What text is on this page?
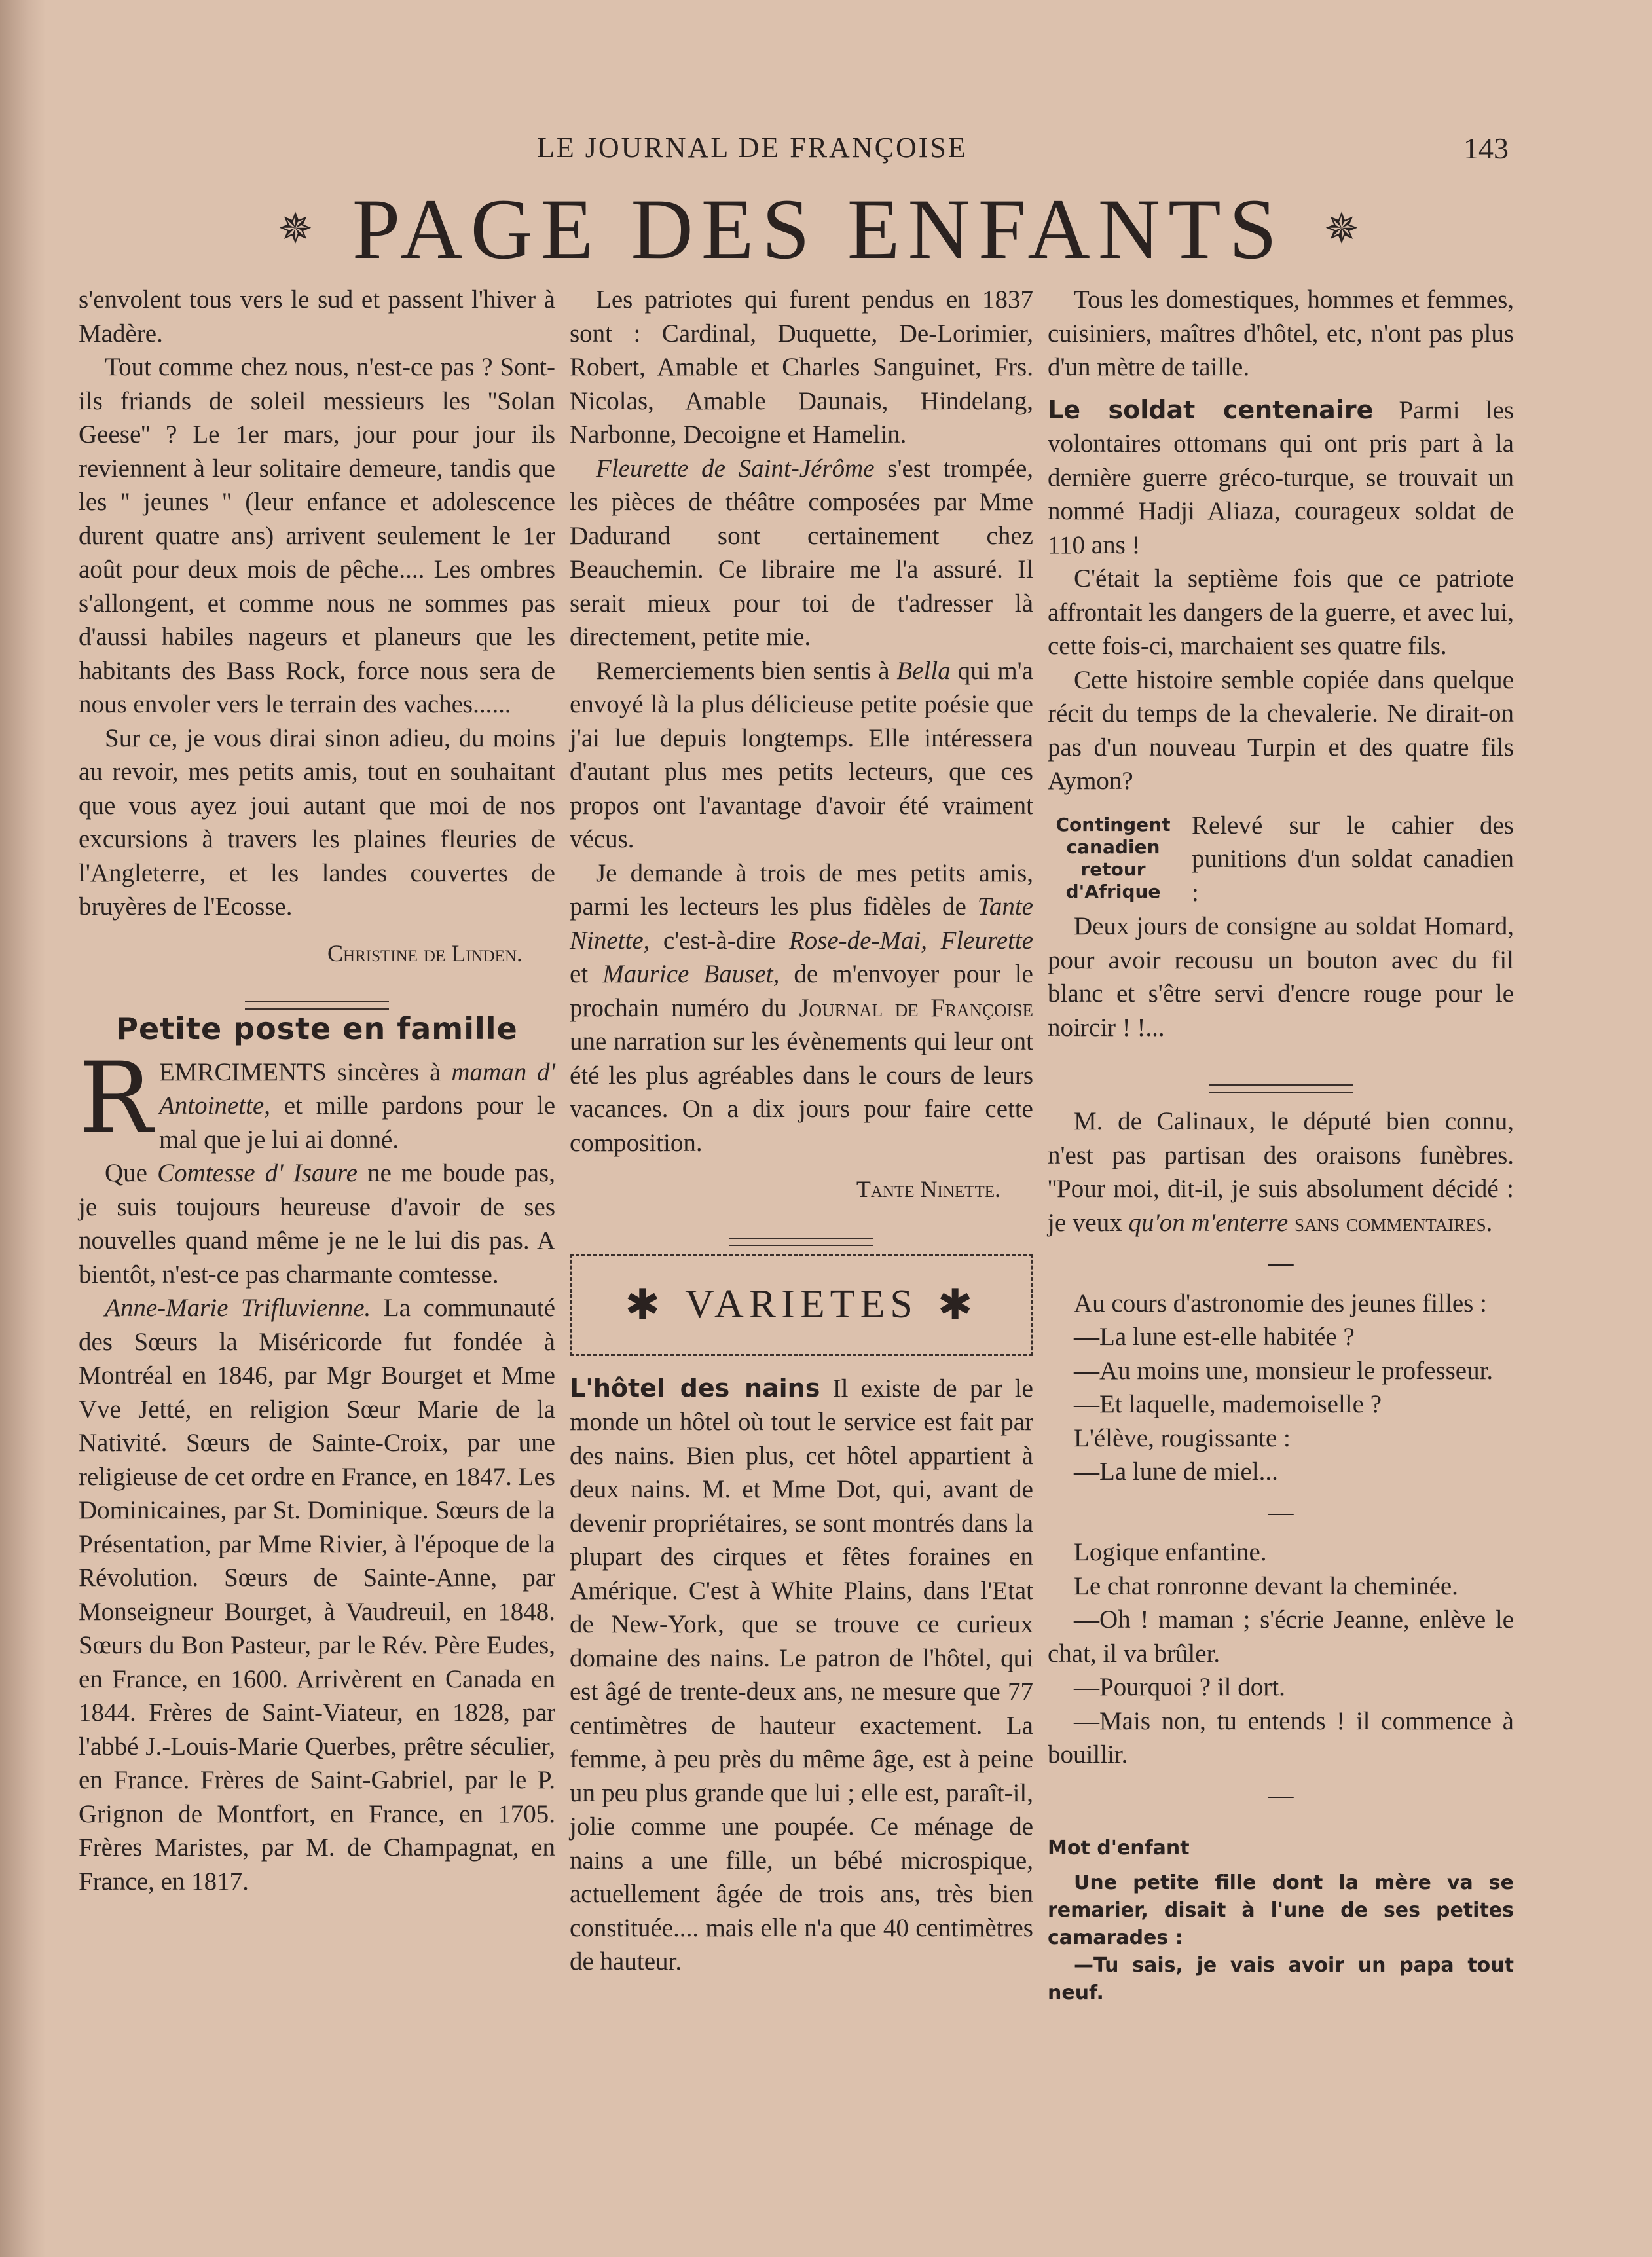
LE JOURNAL DE FRANÇOISE	143
✵ PAGE DES ENFANTS ✵

s'envolent tous vers le sud et passent l'hiver à Madère.

Tout comme chez nous, n'est-ce pas ? Sont-ils friands de soleil messieurs les ''Solan Geese'' ? Le 1er mars, jour pour jour ils reviennent à leur solitaire demeure, tandis que les '' jeunes '' (leur enfance et adolescence durent quatre ans) arrivent seulement le 1er août pour deux mois de pêche.... Les ombres s'allongent, et comme nous ne sommes pas d'aussi habiles nageurs et planeurs que les habitants des Bass Rock, force nous sera de nous envoler vers le terrain des vaches......

Sur ce, je vous dirai sinon adieu, du moins au revoir, mes petits amis, tout en souhaitant que vous ayez joui autant que moi de nos excursions à travers les plaines fleuries de l'Angleterre, et les landes couvertes de bruyères de l'Ecosse.

Christine de Linden.
Petite poste en famille

REMRCIMENTS sincères à maman d' Antoinette, et mille pardons pour le mal que je lui ai donné.

Que Comtesse d' Isaure ne me boude pas, je suis toujours heureuse d'avoir de ses nouvelles quand même je ne le lui dis pas. A bientôt, n'est-ce pas charmante comtesse.

Anne-Marie Trifluvienne. La communauté des Sœurs la Miséricorde fut fondée à Montréal en 1846, par Mgr Bourget et Mme Vve Jetté, en religion Sœur Marie de la Nativité. Sœurs de Sainte-Croix, par une religieuse de cet ordre en France, en 1847. Les Dominicaines, par St. Dominique. Sœurs de la Présentation, par Mme Rivier, à l'époque de la Révolution. Sœurs de Sainte-Anne, par Monseigneur Bourget, à Vaudreuil, en 1848. Sœurs du Bon Pasteur, par le Rév. Père Eudes, en France, en 1600. Arrivèrent en Canada en 1844. Frères de Saint-Viateur, en 1828, par l'abbé J.-Louis-Marie Querbes, prêtre séculier, en France. Frères de Saint-Gabriel, par le P. Grignon de Montfort, en France, en 1705. Frères Maristes, par M. de Champagnat, en France, en 1817.

Les patriotes qui furent pendus en 1837 sont : Cardinal, Duquette, De-Lorimier, Robert, Amable et Charles Sanguinet, Frs. Nicolas, Amable Daunais, Hindelang, Narbonne, Decoigne et Hamelin.

Fleurette de Saint-Jérôme s'est trompée, les pièces de théâtre composées par Mme Dadurand sont certainement chez Beauchemin. Ce libraire me l'a assuré. Il serait mieux pour toi de t'adresser là directement, petite mie.

Remerciements bien sentis à Bella qui m'a envoyé là la plus délicieuse petite poésie que j'ai lue depuis longtemps. Elle intéressera d'autant plus mes petits lecteurs, que ces propos ont l'avantage d'avoir été vraiment vécus.

Je demande à trois de mes petits amis, parmi les lecteurs les plus fidèles de Tante Ninette, c'est-à-dire Rose-de-Mai, Fleurette et Maurice Bauset, de m'envoyer pour le prochain numéro du Journal de Françoise une narration sur les évènements qui leur ont été les plus agréables dans le cours de leurs vacances. On a dix jours pour faire cette composition.

Tante Ninette.
✱ VARIETES ✱

L'hôtel des nains Il existe de par le monde un hôtel où tout le service est fait par des nains. Bien plus, cet hôtel appartient à deux nains. M. et Mme Dot, qui, avant de devenir propriétaires, se sont montrés dans la plupart des cirques et fêtes foraines en Amérique. C'est à White Plains, dans l'Etat de New-York, que se trouve ce curieux domaine des nains. Le patron de l'hôtel, qui est âgé de trente-deux ans, ne mesure que 77 centimètres de hauteur exactement. La femme, à peu près du même âge, est à peine un peu plus grande que lui ; elle est, paraît-il, jolie comme une poupée. Ce ménage de nains a une fille, un bébé microspique, actuellement âgée de trois ans, très bien constituée.... mais elle n'a que 40 centimètres de hauteur.

Tous les domestiques, hommes et femmes, cuisiniers, maîtres d'hôtel, etc, n'ont pas plus d'un mètre de taille.

Le soldat centenaire Parmi les volontaires ottomans qui ont pris part à la dernière guerre gréco-turque, se trouvait un nommé Hadji Aliaza, courageux soldat de 110 ans !

C'était la septième fois que ce patriote affrontait les dangers de la guerre, et avec lui, cette fois-ci, marchaient ses quatre fils.

Cette histoire semble copiée dans quelque récit du temps de la chevalerie. Ne dirait-on pas d'un nouveau Turpin et des quatre fils Aymon?

Contingent canadien retour d'Afrique
Relevé sur le cahier des punitions d'un soldat canadien :

Deux jours de consigne au soldat Homard, pour avoir recousu un bouton avec du fil blanc et s'être servi d'encre rouge pour le noircir ! !...

M. de Calinaux, le député bien connu, n'est pas partisan des oraisons funèbres. ''Pour moi, dit-il, je suis absolument décidé : je veux qu'on m'enterre sans commentaires.

—

Au cours d'astronomie des jeunes filles :

—La lune est-elle habitée ?

—Au moins une, monsieur le professeur.

—Et laquelle, mademoiselle ?

L'élève, rougissante :

—La lune de miel...

—

Logique enfantine.

Le chat ronronne devant la cheminée.

—Oh ! maman ; s'écrie Jeanne, enlève le chat, il va brûler.

—Pourquoi ? il dort.

—Mais non, tu entends ! il commence à bouillir.

—
Mot d'enfant

Une petite fille dont la mère va se remarier, disait à l'une de ses petites camarades :

—Tu sais, je vais avoir un papa tout neuf.
